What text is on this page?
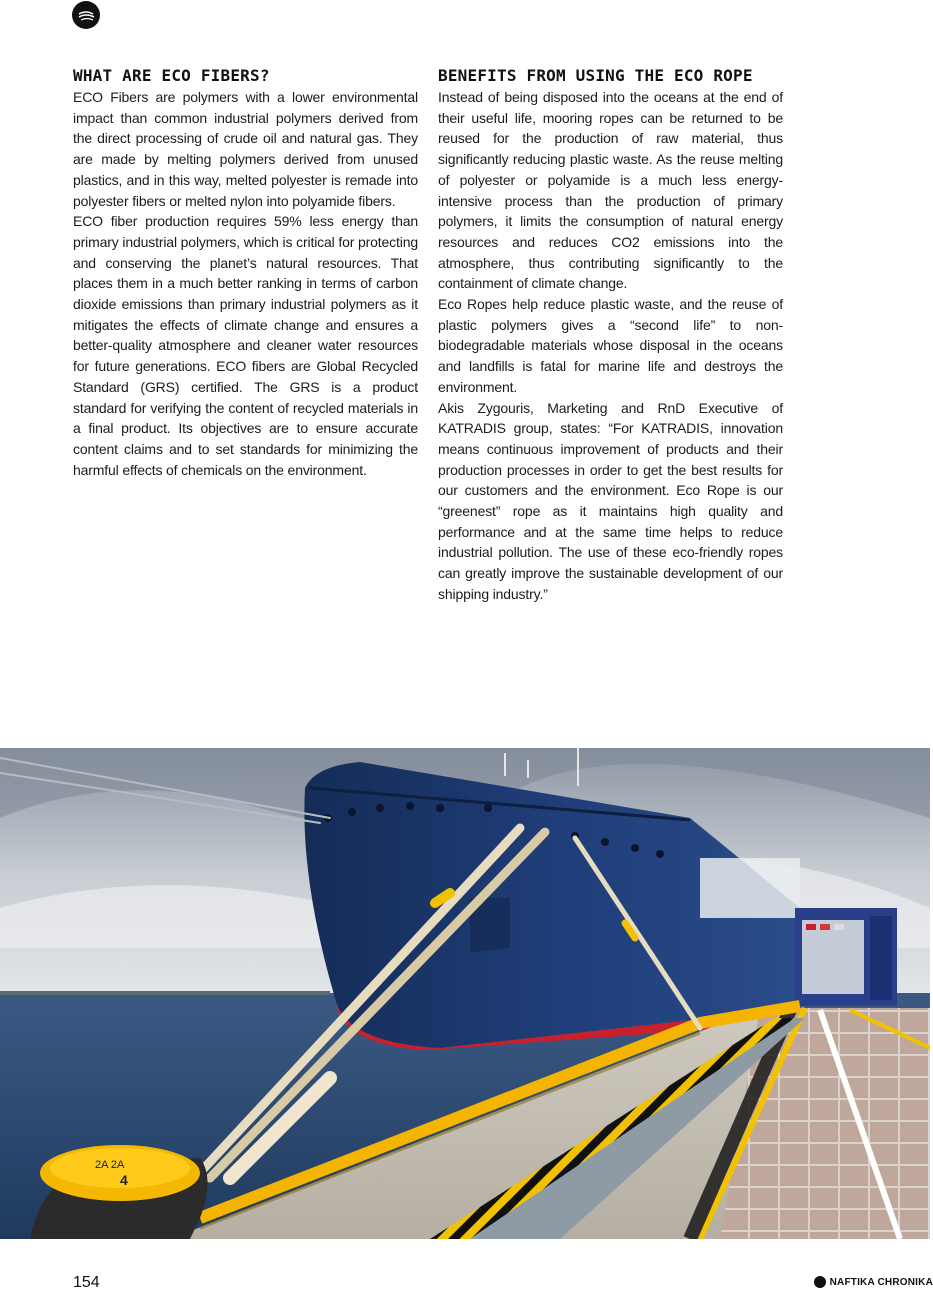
WHAT ARE ECO FIBERS?

ECO Fibers are polymers with a lower environmental impact than common industrial polymers derived from the direct processing of crude oil and natural gas. They are made by melting polymers derived from unused plastics, and in this way, melted polyester is remade into polyester fibers or melted nylon into polyamide fibers.

ECO fiber production requires 59% less energy than primary industrial polymers, which is critical for protecting and conserving the planet’s natural resources. That places them in a much better ranking in terms of carbon dioxide emissions than primary industrial polymers as it mitigates the effects of climate change and ensures a better-quality atmosphere and cleaner water resources for future generations. ECO fibers are Global Recycled Standard (GRS) certified. The GRS is a product standard for verifying the content of recycled materials in a final product. Its objectives are to ensure accurate content claims and to set standards for minimizing the harmful effects of chemicals on the environment.

BENEFITS FROM USING THE ECO ROPE

Instead of being disposed into the oceans at the end of their useful life, mooring ropes can be returned to be reused for the production of raw material, thus significantly reducing plastic waste. As the reuse melting of polyester or polyamide is a much less energy-intensive process than the production of primary polymers, it limits the consumption of natural energy resources and reduces CO2 emissions into the atmosphere, thus contributing significantly to the containment of climate change.

Eco Ropes help reduce plastic waste, and the reuse of plastic polymers gives a “second life” to non-biodegradable materials whose disposal in the oceans and landfills is fatal for marine life and destroys the environment.

Akis Zygouris, Marketing and RnD Executive of KATRADIS group, states: “For KATRADIS, innovation means continuous improvement of products and their production processes in order to get the best results for our customers and the environment. Eco Rope is our “greenest” rope as it maintains high quality and performance and at the same time helps to reduce industrial pollution. The use of these eco-friendly ropes can greatly improve the sustainable development of our shipping industry.”

2A 2A
4
154	NAFTIKA CHRONIKA
